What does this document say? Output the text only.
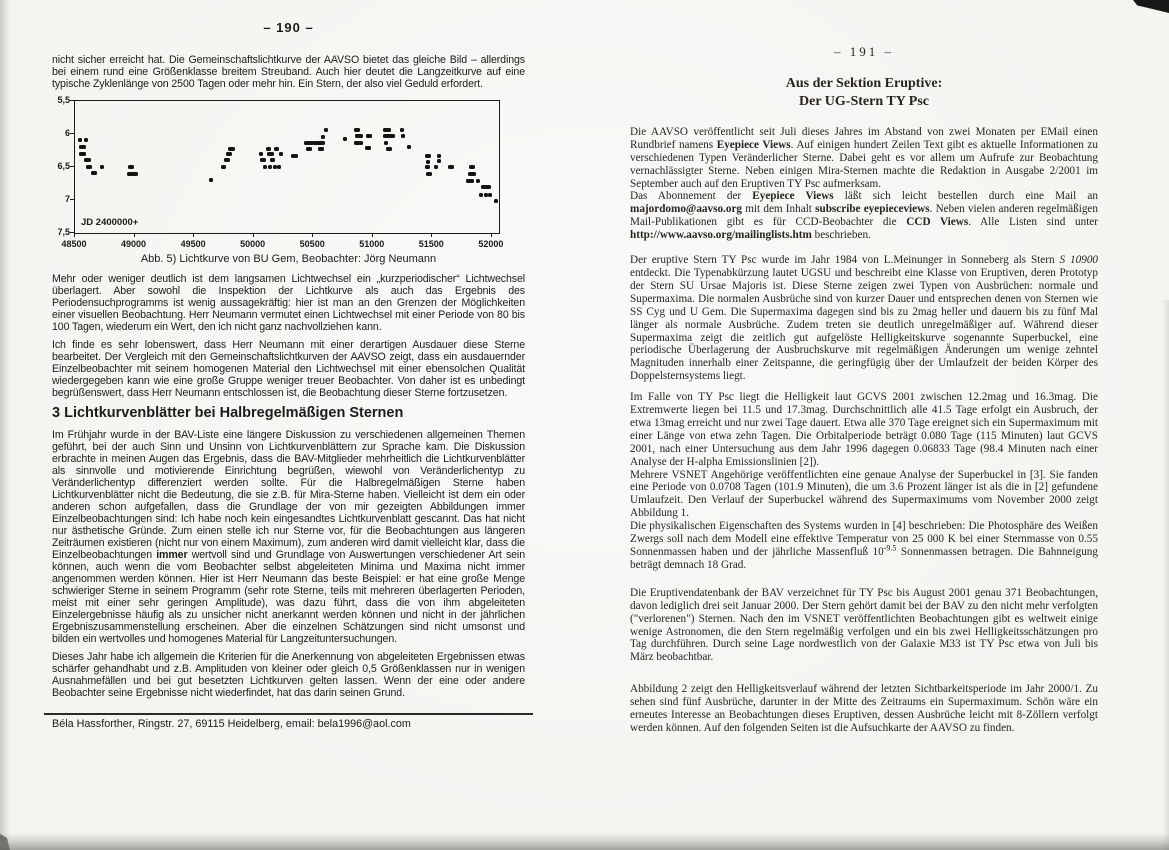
– 190 –

nicht sicher erreicht hat. Die Gemeinschaftslichtkurve der AAVSO bietet das gleiche Bild – allerdings bei einem rund eine Größenklasse breitem Streuband. Auch hier deutet die Langzeitkurve auf eine typische Zyklenlänge von 2500 Tagen oder mehr hin. Ein Stern, der also viel Geduld erfordert.

JD 2400000+
5,5
6
6,5
7
7,5
48500	49000	49500	50000	50500	51000	51500	52000
Abb. 5) Lichtkurve von BU Gem, Beobachter: Jörg Neumann

Mehr oder weniger deutlich ist dem langsamen Lichtwechsel ein „kurzperiodischer“ Lichtwechsel überlagert. Aber sowohl die Inspektion der Lichtkurve als auch das Ergebnis des Periodensuchprogramms ist wenig aussagekräftig: hier ist man an den Grenzen der Möglichkeiten einer visuellen Beobachtung. Herr Neumann vermutet einen Lichtwechsel mit einer Periode von 80 bis 100 Tagen, wiederum ein Wert, den ich nicht ganz nachvollziehen kann.

Ich finde es sehr lobenswert, dass Herr Neumann mit einer derartigen Ausdauer diese Sterne bearbeitet. Der Vergleich mit den Gemeinschaftslichtkurven der AAVSO zeigt, dass ein ausdauernder Einzelbeobachter mit seinem homogenen Material den Lichtwechsel mit einer ebensolchen Qualität wiedergegeben kann wie eine große Gruppe weniger treuer Beobachter. Von daher ist es unbedingt begrüßenswert, dass Herr Neumann entschlossen ist, die Beobachtung dieser Sterne fortzusetzen.

3 Lichtkurvenblätter bei Halbregelmäßigen Sternen

Im Frühjahr wurde in der BAV-Liste eine längere Diskussion zu verschiedenen allgemeinen Themen geführt, bei der auch Sinn und Unsinn von Lichtkurvenblättern zur Sprache kam. Die Diskussion erbrachte in meinen Augen das Ergebnis, dass die BAV-Mitglieder mehrheitlich die Lichtkurvenblätter als sinnvolle und motivierende Einrichtung begrüßen, wiewohl von Veränderlichentyp zu Veränderlichentyp differenziert werden sollte. Für die Halbregelmäßigen Sterne haben Lichtkurvenblätter nicht die Bedeutung, die sie z.B. für Mira-Sterne haben. Vielleicht ist dem ein oder anderen schon aufgefallen, dass die Grundlage der von mir gezeigten Abbildungen immer Einzelbeobachtungen sind: Ich habe noch kein eingesandtes Lichtkurvenblatt gescannt. Das hat nicht nur ästhetische Gründe. Zum einen stelle ich nur Sterne vor, für die Beobachtungen aus längeren Zeiträumen existieren (nicht nur von einem Maximum), zum anderen wird damit vielleicht klar, dass die Einzelbeobachtungen immer wertvoll sind und Grundlage von Auswertungen verschiedener Art sein können, auch wenn die vom Beobachter selbst abgeleiteten Minima und Maxima nicht immer angenommen werden können. Hier ist Herr Neumann das beste Beispiel: er hat eine große Menge schwieriger Sterne in seinem Programm (sehr rote Sterne, teils mit mehreren überlagerten Perioden, meist mit einer sehr geringen Amplitude), was dazu führt, dass die von ihm abgeleiteten Einzelergebnisse häufig als zu unsicher nicht anerkannt werden können und nicht in der jährlichen Ergebniszusammenstellung erscheinen. Aber die einzelnen Schätzungen sind nicht umsonst und bilden ein wertvolles und homogenes Material für Langzeituntersuchungen.

Dieses Jahr habe ich allgemein die Kriterien für die Anerkennung von abgeleiteten Ergebnissen etwas schärfer gehandhabt und z.B. Amplituden von kleiner oder gleich 0,5 Größenklassen nur in wenigen Ausnahmefällen und bei gut besetzten Lichtkurven gelten lassen. Wenn der eine oder andere Beobachter seine Ergebnisse nicht wiederfindet, hat das darin seinen Grund.

Béla Hassforther, Ringstr. 27, 69115 Heidelberg, email: bela1996@aol.com
– 191 –
Aus der Sektion Eruptive:
Der UG-Stern TY Psc

Die AAVSO veröffentlicht seit Juli dieses Jahres im Abstand von zwei Monaten per EMail einen Rundbrief namens Eyepiece Views. Auf einigen hundert Zeilen Text gibt es aktuelle Informationen zu verschiedenen Typen Veränderlicher Sterne. Dabei geht es vor allem um Aufrufe zur Beobachtung vernachlässigter Sterne. Neben einigen Mira-Sternen machte die Redaktion in Ausgabe 2/2001 im September auch auf den Eruptiven TY Psc aufmerksam.

Das Abonnement der Eyepiece Views läßt sich leicht bestellen durch eine Mail an majordomo@aavso.org mit dem Inhalt subscribe eyepieceviews. Neben vielen anderen regelmäßigen Mail-Publikationen gibt es für CCD-Beobachter die CCD Views. Alle Listen sind unter http://www.aavso.org/mailinglists.htm beschrieben.

Der eruptive Stern TY Psc wurde im Jahr 1984 von L.Meinunger in Sonneberg als Stern S 10900 entdeckt. Die Typenabkürzung lautet UGSU und beschreibt eine Klasse von Eruptiven, deren Prototyp der Stern SU Ursae Majoris ist. Diese Sterne zeigen zwei Typen von Ausbrüchen: normale und Supermaxima. Die normalen Ausbrüche sind von kurzer Dauer und entsprechen denen von Sternen wie SS Cyg und U Gem. Die Supermaxima dagegen sind bis zu 2mag heller und dauern bis zu fünf Mal länger als normale Ausbrüche. Zudem treten sie deutlich unregelmäßiger auf. Während dieser Supermaxima zeigt die zeitlich gut aufgelöste Helligkeitskurve sogenannte Superbuckel, eine periodische Überlagerung der Ausbruchskurve mit regelmäßigen Änderungen um wenige zehntel Magnituden innerhalb einer Zeitspanne, die geringfügig über der Umlaufzeit der beiden Körper des Doppelsternsystems liegt.

Im Falle von TY Psc liegt die Helligkeit laut GCVS 2001 zwischen 12.2mag und 16.3mag. Die Extremwerte liegen bei 11.5 und 17.3mag. Durchschnittlich alle 41.5 Tage erfolgt ein Ausbruch, der etwa 13mag erreicht und nur zwei Tage dauert. Etwa alle 370 Tage ereignet sich ein Supermaximum mit einer Länge von etwa zehn Tagen. Die Orbitalperiode beträgt 0.080 Tage (115 Minuten) laut GCVS 2001, nach einer Untersuchung aus dem Jahr 1996 dagegen 0.06833 Tage (98.4 Minuten nach einer Analyse der H-alpha Emissionslinien [2]).

Mehrere VSNET Angehörige veröffentlichten eine genaue Analyse der Superbuckel in [3]. Sie fanden eine Periode von 0.0708 Tagen (101.9 Minuten), die um 3.6 Prozent länger ist als die in [2] gefundene Umlaufzeit. Den Verlauf der Superbuckel während des Supermaximums vom November 2000 zeigt Abbildung 1.

Die physikalischen Eigenschaften des Systems wurden in [4] beschrieben: Die Photosphäre des Weißen Zwergs soll nach dem Modell eine effektive Temperatur von 25 000 K bei einer Sternmasse von 0.55 Sonnenmassen haben und der jährliche Massenfluß $10^{-9.5}$ Sonnenmassen betragen. Die Bahnneigung beträgt demnach 18 Grad.

Die Eruptivendatenbank der BAV verzeichnet für TY Psc bis August 2001 genau 371 Beobachtungen, davon lediglich drei seit Januar 2000. Der Stern gehört damit bei der BAV zu den nicht mehr verfolgten ("verlorenen") Sternen. Nach den im VSNET veröffentlichten Beobachtungen gibt es weltweit einige wenige Astronomen, die den Stern regelmäßig verfolgen und ein bis zwei Helligkeitsschätzungen pro Tag durchführen. Durch seine Lage nordwestlich von der Galaxie M33 ist TY Psc etwa von Juli bis März beobachtbar.

Abbildung 2 zeigt den Helligkeitsverlauf während der letzten Sichtbarkeitsperiode im Jahr 2000/1. Zu sehen sind fünf Ausbrüche, darunter in der Mitte des Zeitraums ein Supermaximum. Schön wäre ein erneutes Interesse an Beobachtungen dieses Eruptiven, dessen Ausbrüche leicht mit 8-Zöllern verfolgt werden können. Auf den folgenden Seiten ist die Aufsuchkarte der AAVSO zu finden.
